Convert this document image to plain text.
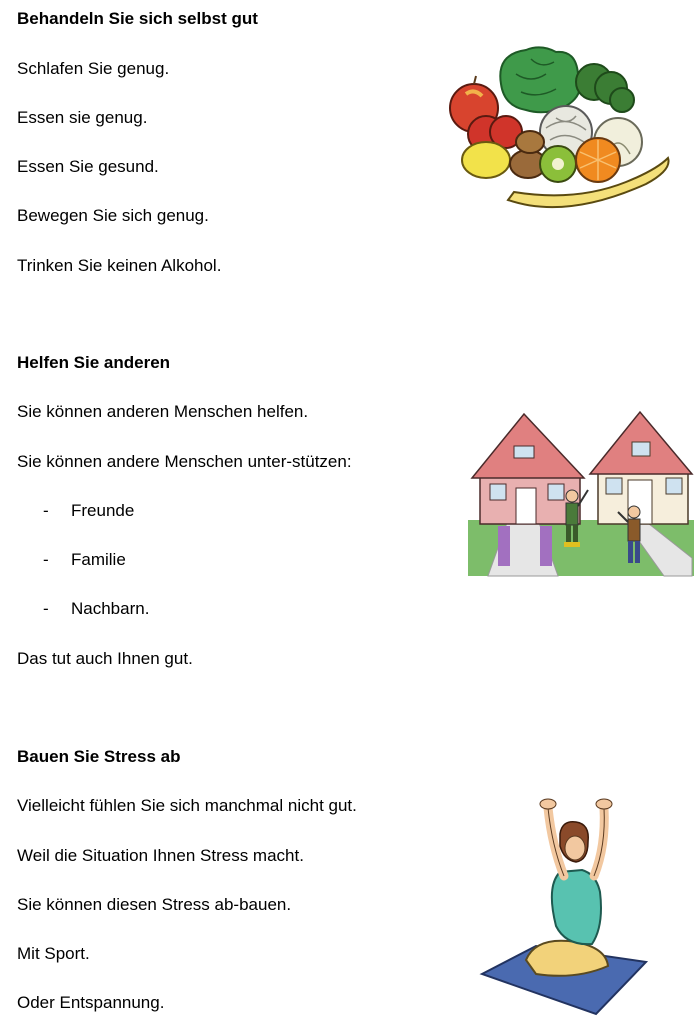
Behandeln Sie sich selbst gut
Schlafen Sie genug.
Essen sie genug.
Essen Sie gesund.
Bewegen Sie sich genug.
Trinken Sie keinen Alkohol.
Helfen Sie anderen
Sie können anderen Menschen helfen.
Sie können andere Menschen unter-stützen:
- Freunde
- Familie
- Nachbarn.
Das tut auch Ihnen gut.
Bauen Sie Stress ab
Vielleicht fühlen Sie sich manchmal nicht gut.
Weil die Situation Ihnen Stress macht.
Sie können diesen Stress ab-bauen.
Mit Sport.
Oder Entspannung.
